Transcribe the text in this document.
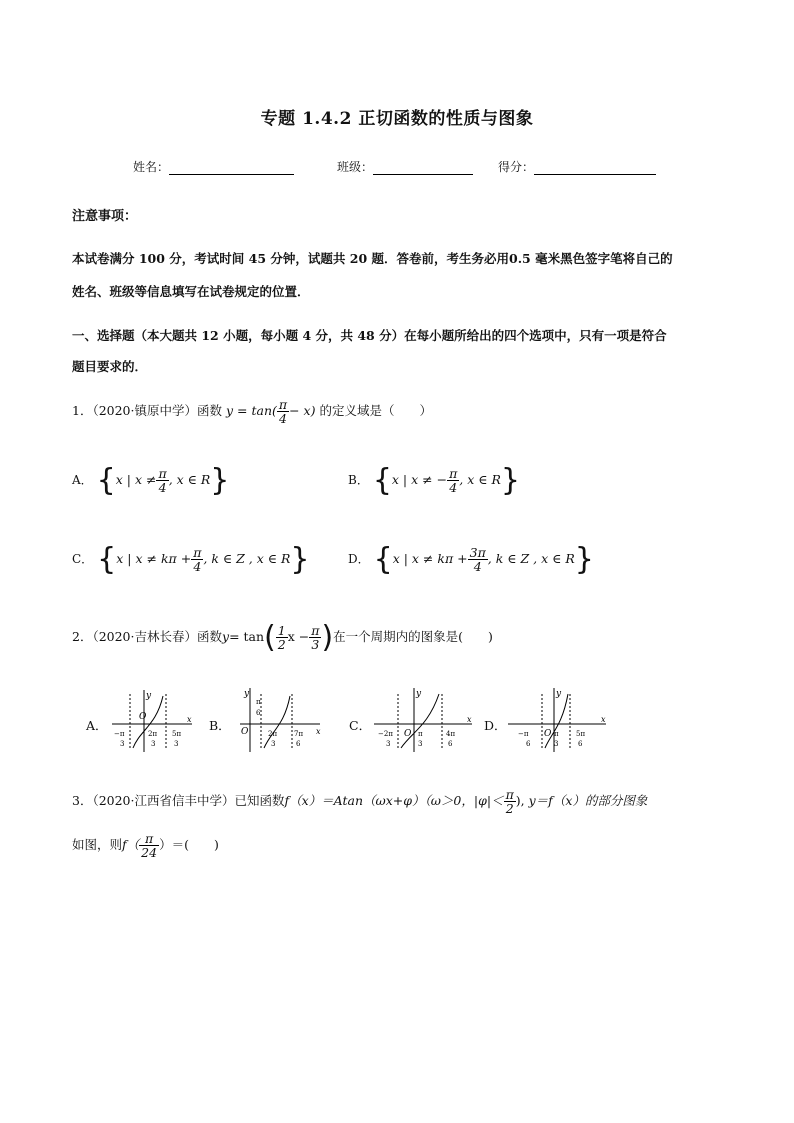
专题 1.4.2 正切函数的性质与图象
姓名：	班级：	得分：
注意事项：
本试卷满分 100 分，考试时间 45 分钟，试题共 20 题．答卷前，考生务必用0.5 毫米黑色签字笔将自己的
姓名、班级等信息填写在试卷规定的位置．
一、选择题（本大题共 12 小题，每小题 4 分，共 48 分）在每小题所给出的四个选项中，只有一项是符合
题目要求的．
1．（2020·镇原中学）函数 $y = \tan( \frac{\pi}{4} - x)$ 的定义域是（　　）
A． {x | $x \ne \frac{\pi}{4}$ , x ∈ R}	B． {x | x ≠ − $\frac{\pi}{4}$ , x ∈ R}
C． {x | $x \ne k\pi + \frac{\pi}{4}$ , k ∈ Z , x ∈ R}	D． {x | $x \ne k\pi + \frac{3\pi}{4}$ , k ∈ Z , x ∈ R}
2．（2020·吉林长春）函数$y= \tan( \frac{1}{2}$ $x - \frac{\pi}{3}$ )在一个周期内的图象是(　　)
A．
y
O	x
−π
3
2π
3
5π
3
B．
y
O	x
π
6
2π
3
7π
6
C．
y
O
x
−2π
3
π
3
4π
6
D．
y
O
x
−π
6
π
3
5π
6
3．（2020·江西省信丰中学）已知函数f（x）＝Atan（ωx+φ）（ω＞0，$|\varphi|< \frac{\pi}{2}$ ), y＝f（x）的部分图象
如图，则$f( \frac{\pi}{24}$ ）＝(　　)
